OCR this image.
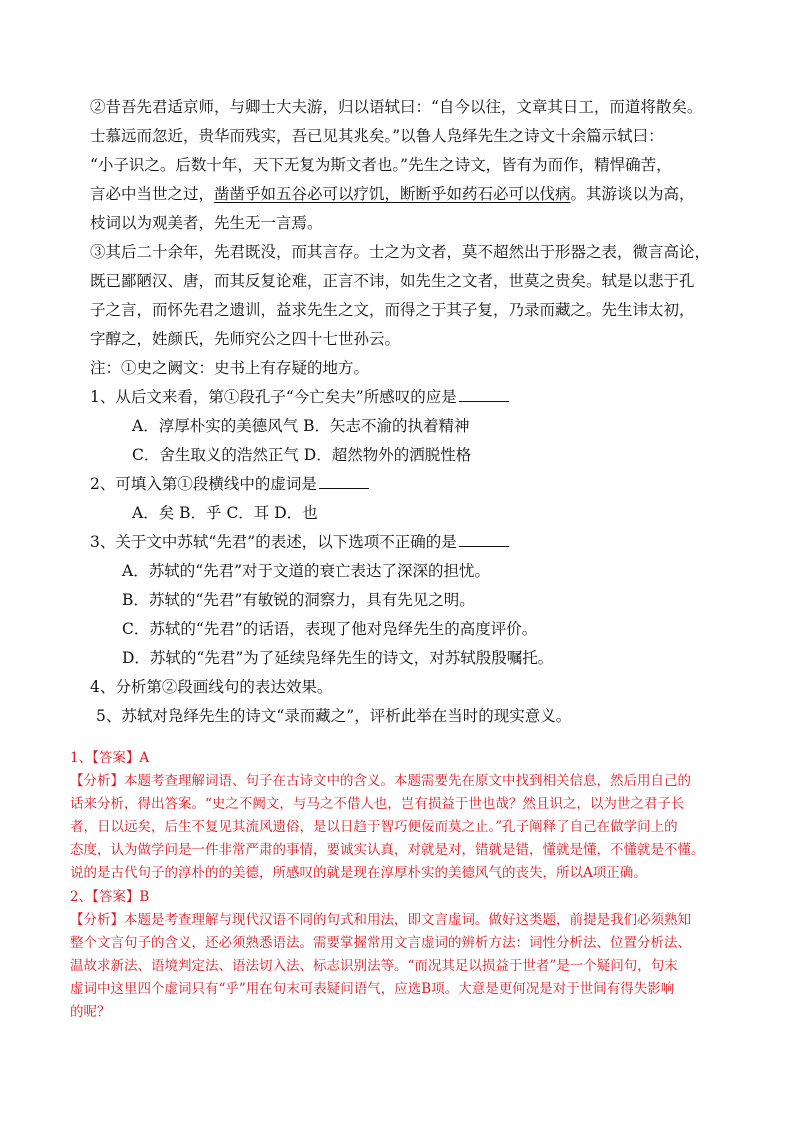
②昔吾先君适京师，与卿士大夫游，归以语轼曰：“自今以往，文章其日工，而道将散矣。
士慕远而忽近，贵华而残实，吾已见其兆矣。”以鲁人凫绎先生之诗文十余篇示轼曰：
“小子识之。后数十年，天下无复为斯文者也。”先生之诗文，皆有为而作，精悍确苦，
言必中当世之过，凿凿乎如五谷必可以疗饥，断断乎如药石必可以伐病。其游谈以为高，
枝词以为观美者，先生无一言焉。
③其后二十余年，先君既没，而其言存。士之为文者，莫不超然出于形器之表，微言高论，
既已鄙陋汉、唐，而其反复论难，正言不讳，如先生之文者，世莫之贵矣。轼是以悲于孔
子之言，而怀先君之遗训，益求先生之文，而得之于其子复，乃录而藏之。先生讳太初，
字醇之，姓颜氏，先师究公之四十七世孙云。
注：①史之阙文：史书上有存疑的地方。
1、从后文来看，第①段孔子“今亡矣夫”所感叹的应是
A．淳厚朴实的美德风气 B．矢志不渝的执着精神
C．舍生取义的浩然正气 D．超然物外的洒脱性格
2、可填入第①段横线中的虚词是
A．矣 B．乎 C．耳 D．也
3、关于文中苏轼“先君”的表述，以下选项不正确的是
A．苏轼的“先君”对于文道的衰亡表达了深深的担忧。
B．苏轼的“先君”有敏锐的洞察力，具有先见之明。
C．苏轼的“先君”的话语，表现了他对凫绎先生的高度评价。
D．苏轼的“先君”为了延续凫绎先生的诗文，对苏轼殷殷嘱托。
4、分析第②段画线句的表达效果。
5、苏轼对凫绎先生的诗文“录而藏之”，评析此举在当时的现实意义。
1、【答案】A
【分析】本题考查理解词语、句子在古诗文中的含义。本题需要先在原文中找到相关信息，然后用自己的
话来分析，得出答案。“史之不阙文，与马之不借人也，岂有损益于世也哉？然且识之，以为世之君子长
者，日以远矣，后生不复见其流风遗俗，是以日趋于智巧便佞而莫之止。”孔子阐释了自己在做学问上的
态度，认为做学问是一件非常严肃的事情，要诚实认真，对就是对，错就是错，懂就是懂，不懂就是不懂。
说的是古代句子的淳朴的的美德，所感叹的就是现在淳厚朴实的美德风气的丧失，所以A项正确。
2、【答案】B
【分析】本题是考查理解与现代汉语不同的句式和用法，即文言虚词。做好这类题，前提是我们必须熟知
整个文言句子的含义，还必须熟悉语法。需要掌握常用文言虚词的辨析方法：词性分析法、位置分析法、
温故求新法、语境判定法、语法切入法、标志识别法等。“而况其足以损益于世者”是一个疑问句，句末
虚词中这里四个虚词只有“乎”用在句末可表疑问语气，应选B项。大意是更何况是对于世间有得失影响
的呢？
